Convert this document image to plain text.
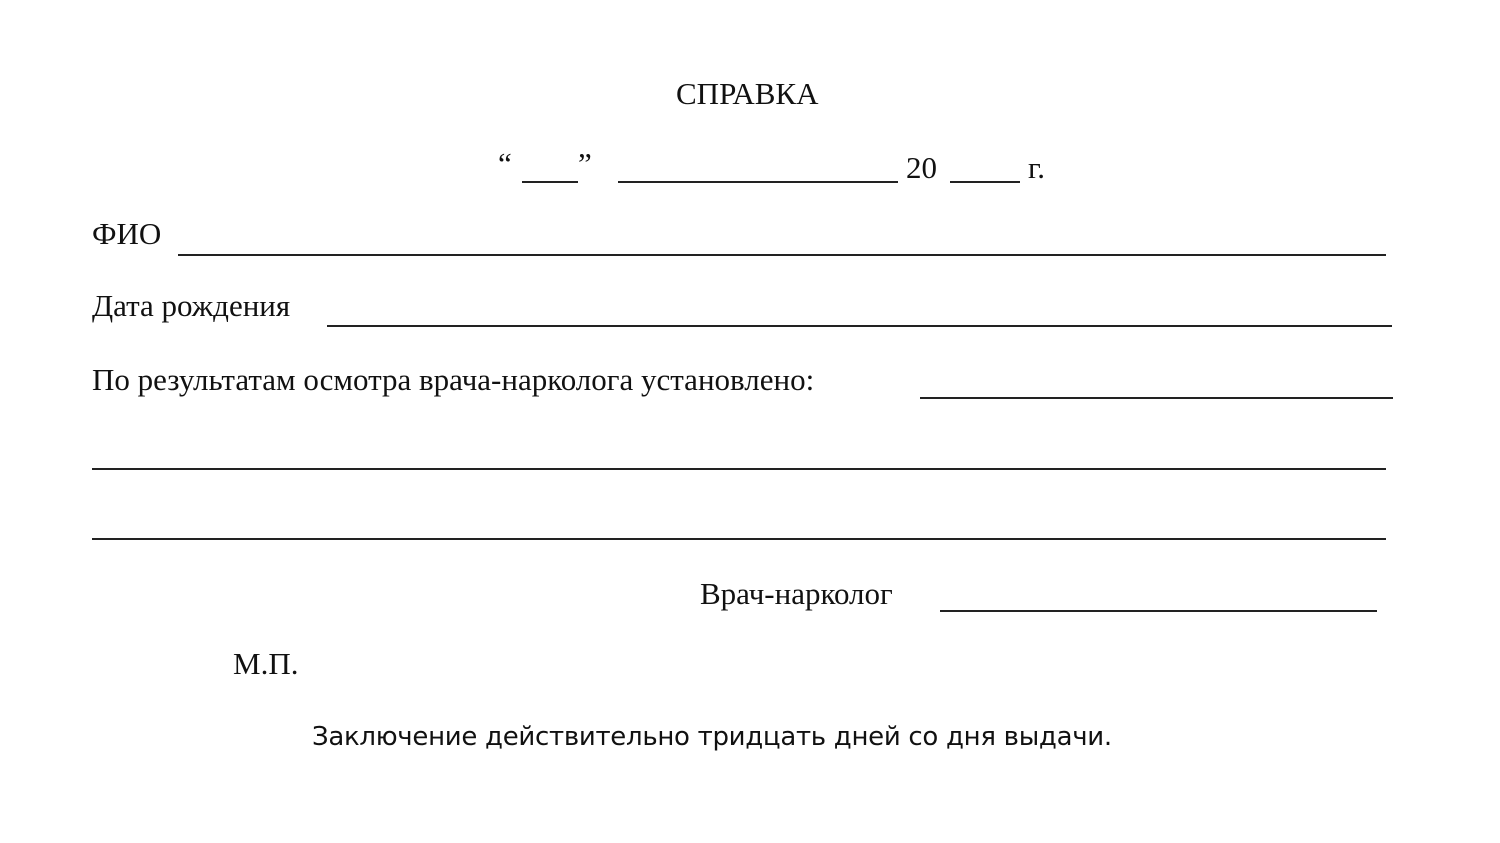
СПРАВКА
“ ”	20	г.
ФИО
Дата рождения
По результатам осмотра врача-нарколога установлено:
Врач-нарколог
М.П.
Заключение действительно тридцать дней со дня выдачи.
